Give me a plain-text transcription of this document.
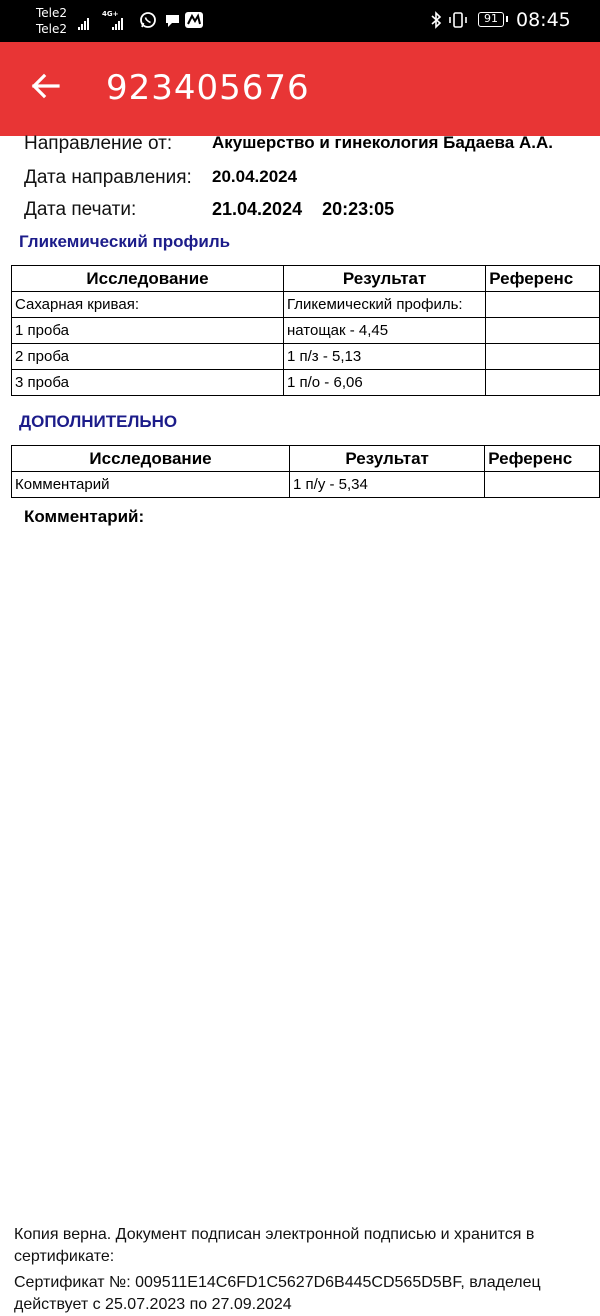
Tele2
Tele2
4G+	91 08:45
923405676
Направление от: Акушерство и гинекология Бадаева А.А.
Дата направления: 20.04.2024
Дата печати:	21.04.2024    20:23:05
Гликемический профиль
Исследование	Результат	Референс
Сахарная кривая:	Гликемический профиль:	
1 проба	натощак - 4,45	
2 проба	1 п/з - 5,13	
3 проба	1 п/о - 6,06	
ДОПОЛНИТЕЛЬНО
Исследование	Результат	Референс
Комментарий	1 п/у - 5,34	
Комментарий:
Копия верна. Документ подписан электронной подписью и хранится в
сертификате:
Сертификат №: 009511E14C6FD1C5627D6B445CD565D5BF, владелец
действует с 25.07.2023 по 27.09.2024
